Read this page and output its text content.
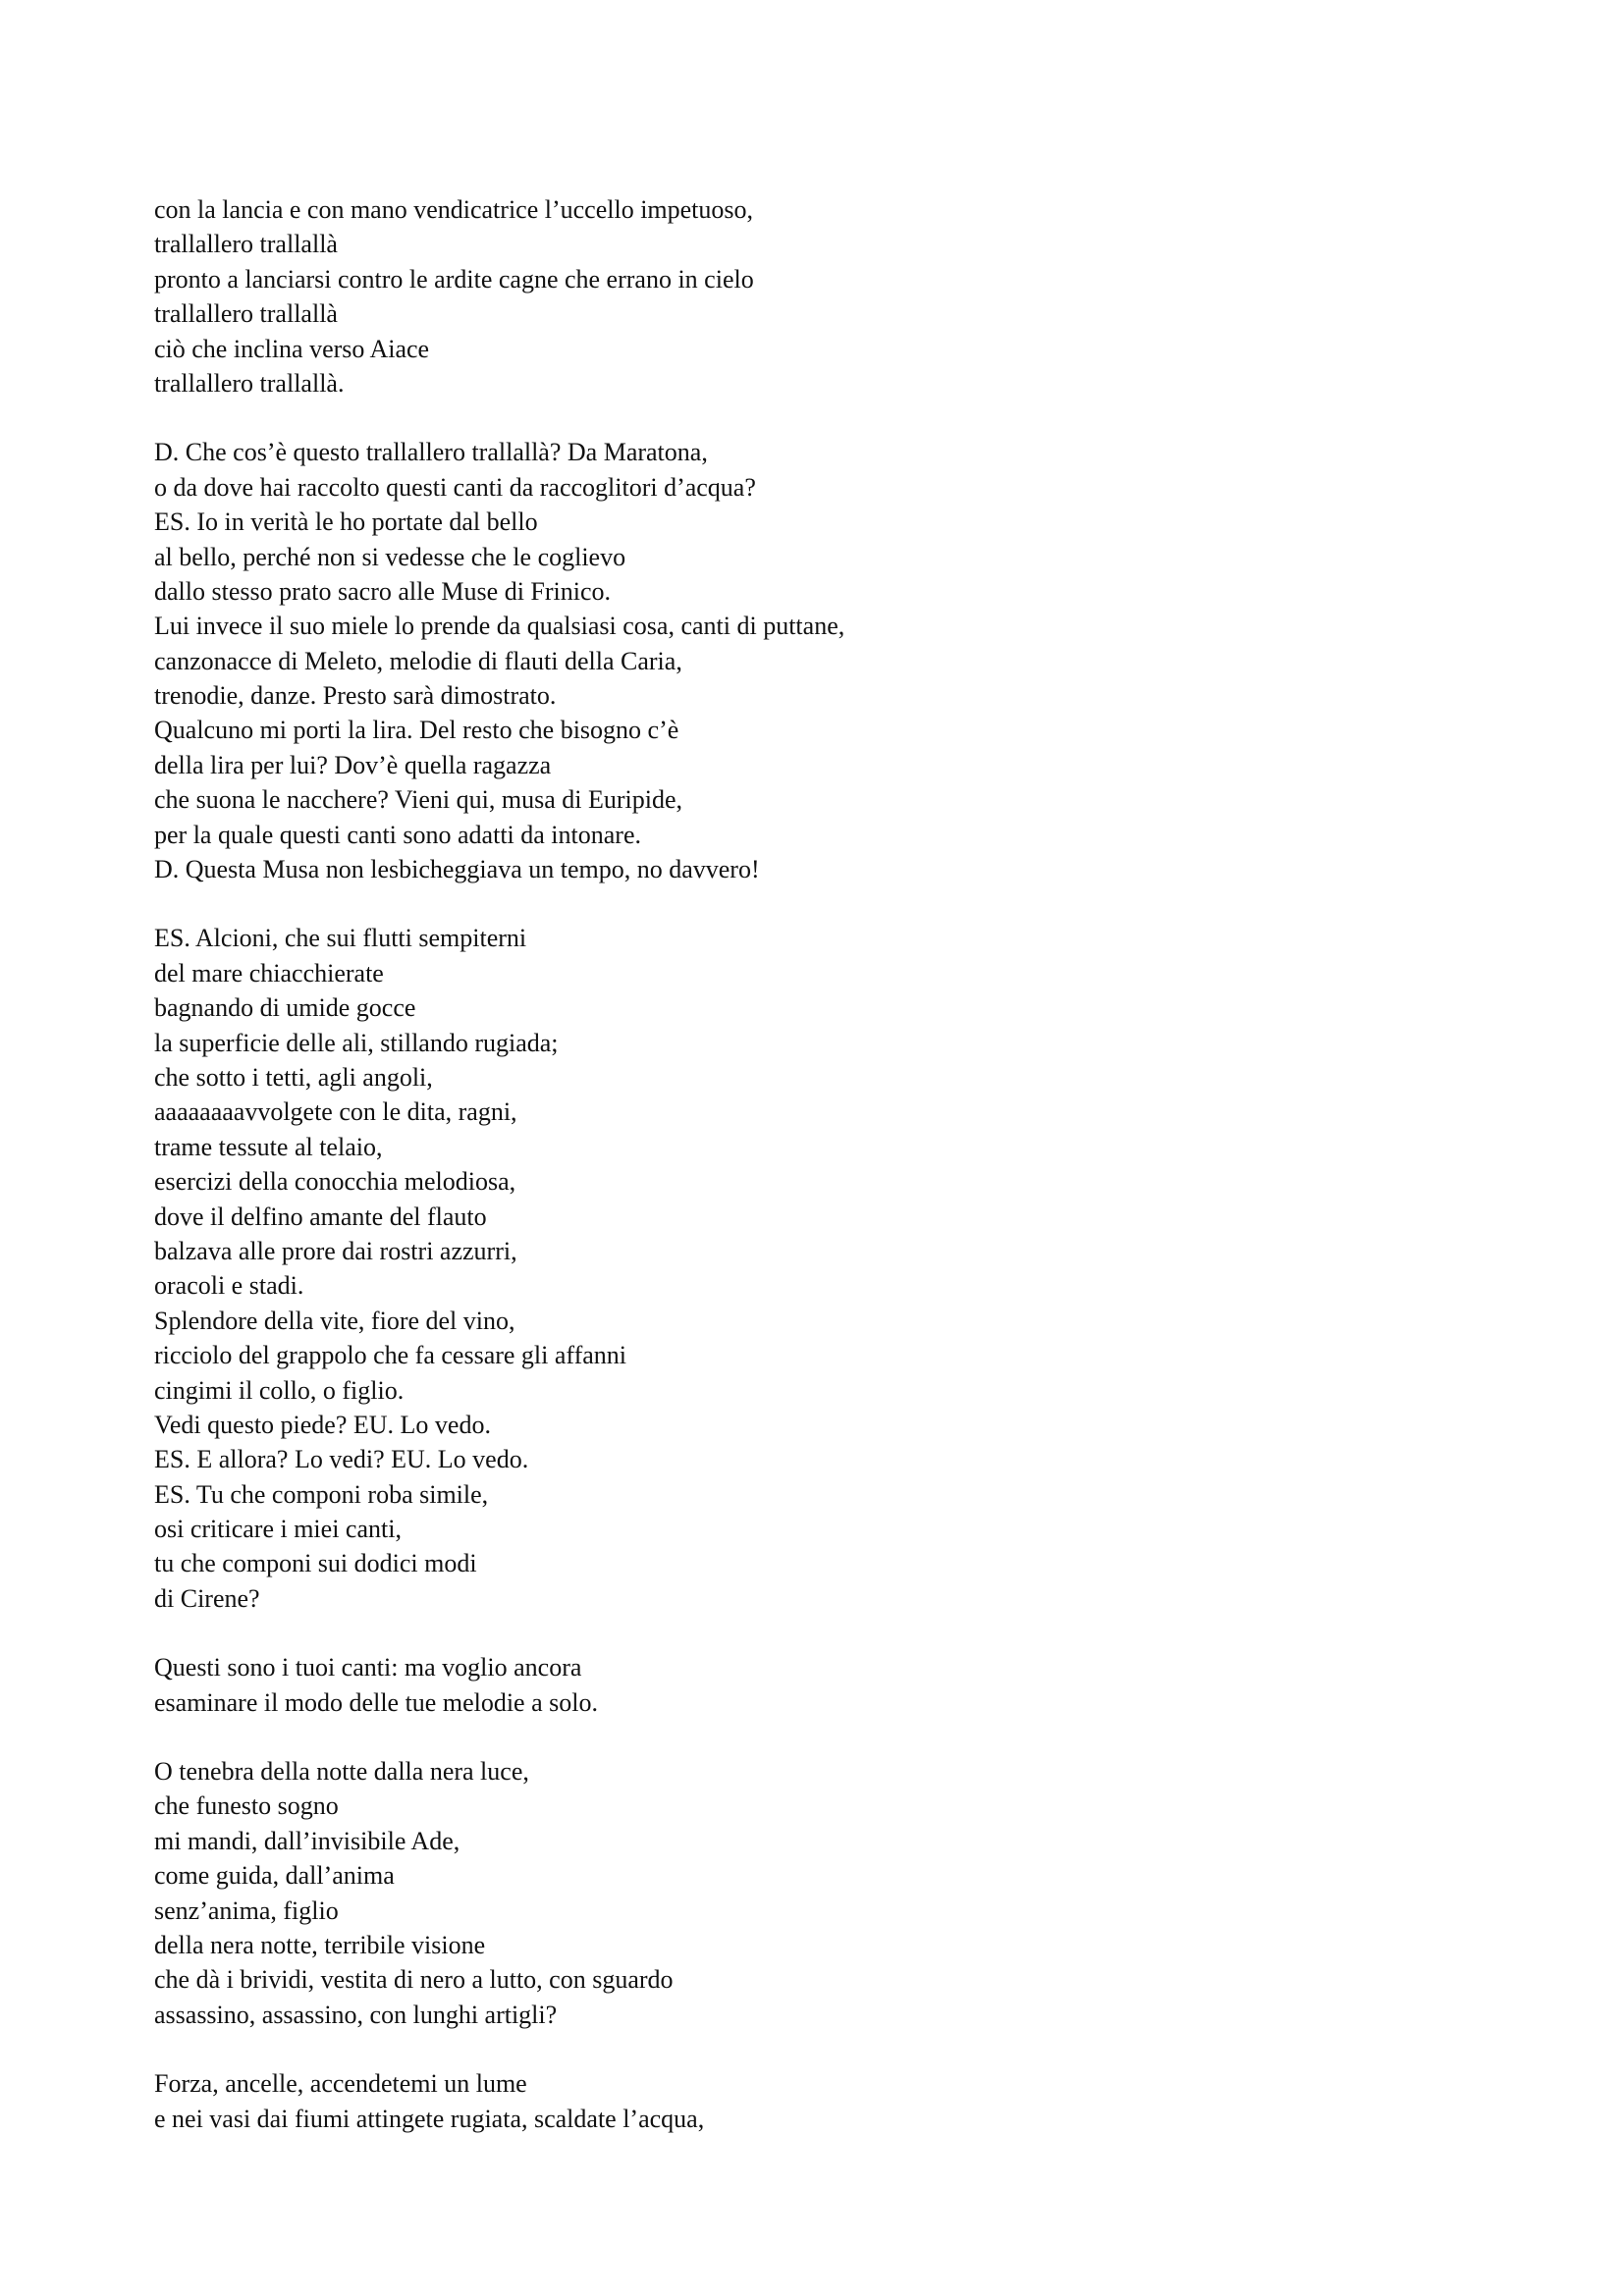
con la lancia e con mano vendicatrice l’uccello impetuoso,
trallallero trallallà
pronto a lanciarsi contro le ardite cagne che errano in cielo
trallallero trallallà
ciò che inclina verso Aiace
trallallero trallallà.
D. Che cos’è questo trallallero trallallà? Da Maratona,
o da dove hai raccolto questi canti da raccoglitori d’acqua?
ES. Io in verità le ho portate dal bello
al bello, perché non si vedesse che le coglievo
dallo stesso prato sacro alle Muse di Frinico.
Lui invece il suo miele lo prende da qualsiasi cosa, canti di puttane,
canzonacce di Meleto, melodie di flauti della Caria,
trenodie, danze. Presto sarà dimostrato.
Qualcuno mi porti la lira. Del resto che bisogno c’è
della lira per lui? Dov’è quella ragazza
che suona le nacchere? Vieni qui, musa di Euripide,
per la quale questi canti sono adatti da intonare.
D. Questa Musa non lesbicheggiava un tempo, no davvero!
ES. Alcioni, che sui flutti sempiterni
del mare chiacchierate
bagnando di umide gocce
la superficie delle ali, stillando rugiada;
che sotto i tetti, agli angoli,
aaaaaaaavvolgete con le dita, ragni,
trame tessute al telaio,
esercizi della conocchia melodiosa,
dove il delfino amante del flauto
balzava alle prore dai rostri azzurri,
oracoli e stadi.
Splendore della vite, fiore del vino,
ricciolo del grappolo che fa cessare gli affanni
cingimi il collo, o figlio.
Vedi questo piede? EU. Lo vedo.
ES. E allora? Lo vedi? EU. Lo vedo.
ES. Tu che componi roba simile,
osi criticare i miei canti,
tu che componi sui dodici modi
di Cirene?
Questi sono i tuoi canti: ma voglio ancora
esaminare il modo delle tue melodie a solo.
O tenebra della notte dalla nera luce,
che funesto sogno
mi mandi, dall’invisibile Ade,
come guida, dall’anima
senz’anima, figlio
della nera notte, terribile visione
che dà i brividi, vestita di nero a lutto, con sguardo
assassino, assassino, con lunghi artigli?
Forza, ancelle, accendetemi un lume
e nei vasi dai fiumi attingete rugiata, scaldate l’acqua,
